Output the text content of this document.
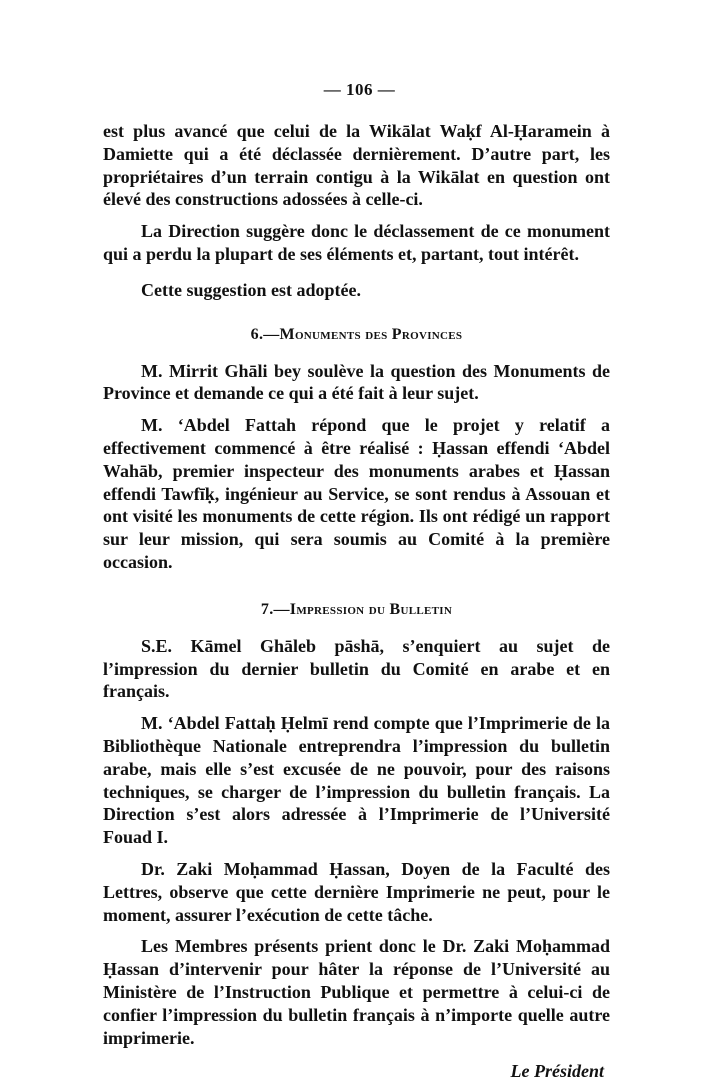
— 106 —

est plus avancé que celui de la Wikālat Waḳf Al-Ḥaramein à Damiette qui a été déclassée dernièrement. D’autre part, les propriétaires d’un terrain contigu à la Wikālat en question ont élevé des constructions adossées à celle-ci.

La Direction suggère donc le déclassement de ce monument qui a perdu la plupart de ses éléments et, partant, tout intérêt.

Cette suggestion est adoptée.

6.—Monuments des Provinces

M. Mirrit Ghāli bey soulève la question des Monuments de Province et demande ce qui a été fait à leur sujet.

M. ‘Abdel Fattah répond que le projet y relatif a effectivement commencé à être réalisé : Ḥassan effendi ‘Abdel Wahāb, premier inspecteur des monuments arabes et Ḥassan effendi Tawfīḳ, ingénieur au Service, se sont rendus à Assouan et ont visité les monuments de cette région. Ils ont rédigé un rapport sur leur mission, qui sera soumis au Comité à la première occasion.

7.—Impression du Bulletin

S.E. Kāmel Ghāleb pāshā, s’enquiert au sujet de l’impression du dernier bulletin du Comité en arabe et en français.

M. ‘Abdel Fattaḥ Ḥelmī rend compte que l’Imprimerie de la Bibliothèque Nationale entreprendra l’impression du bulletin arabe, mais elle s’est excusée de ne pouvoir, pour des raisons techniques, se charger de l’impression du bulletin français. La Direction s’est alors adressée à l’Imprimerie de l’Université Fouad I.

Dr. Zaki Moḥammad Ḥassan, Doyen de la Faculté des Lettres, observe que cette dernière Imprimerie ne peut, pour le moment, assurer l’exécution de cette tâche.

Les Membres présents prient donc le Dr. Zaki Moḥammad Ḥassan d’intervenir pour hâter la réponse de l’Université au Ministère de l’Instruction Publique et permettre à celui-ci de confier l’impression du bulletin français à n’importe quelle autre imprimerie.

Le Président
